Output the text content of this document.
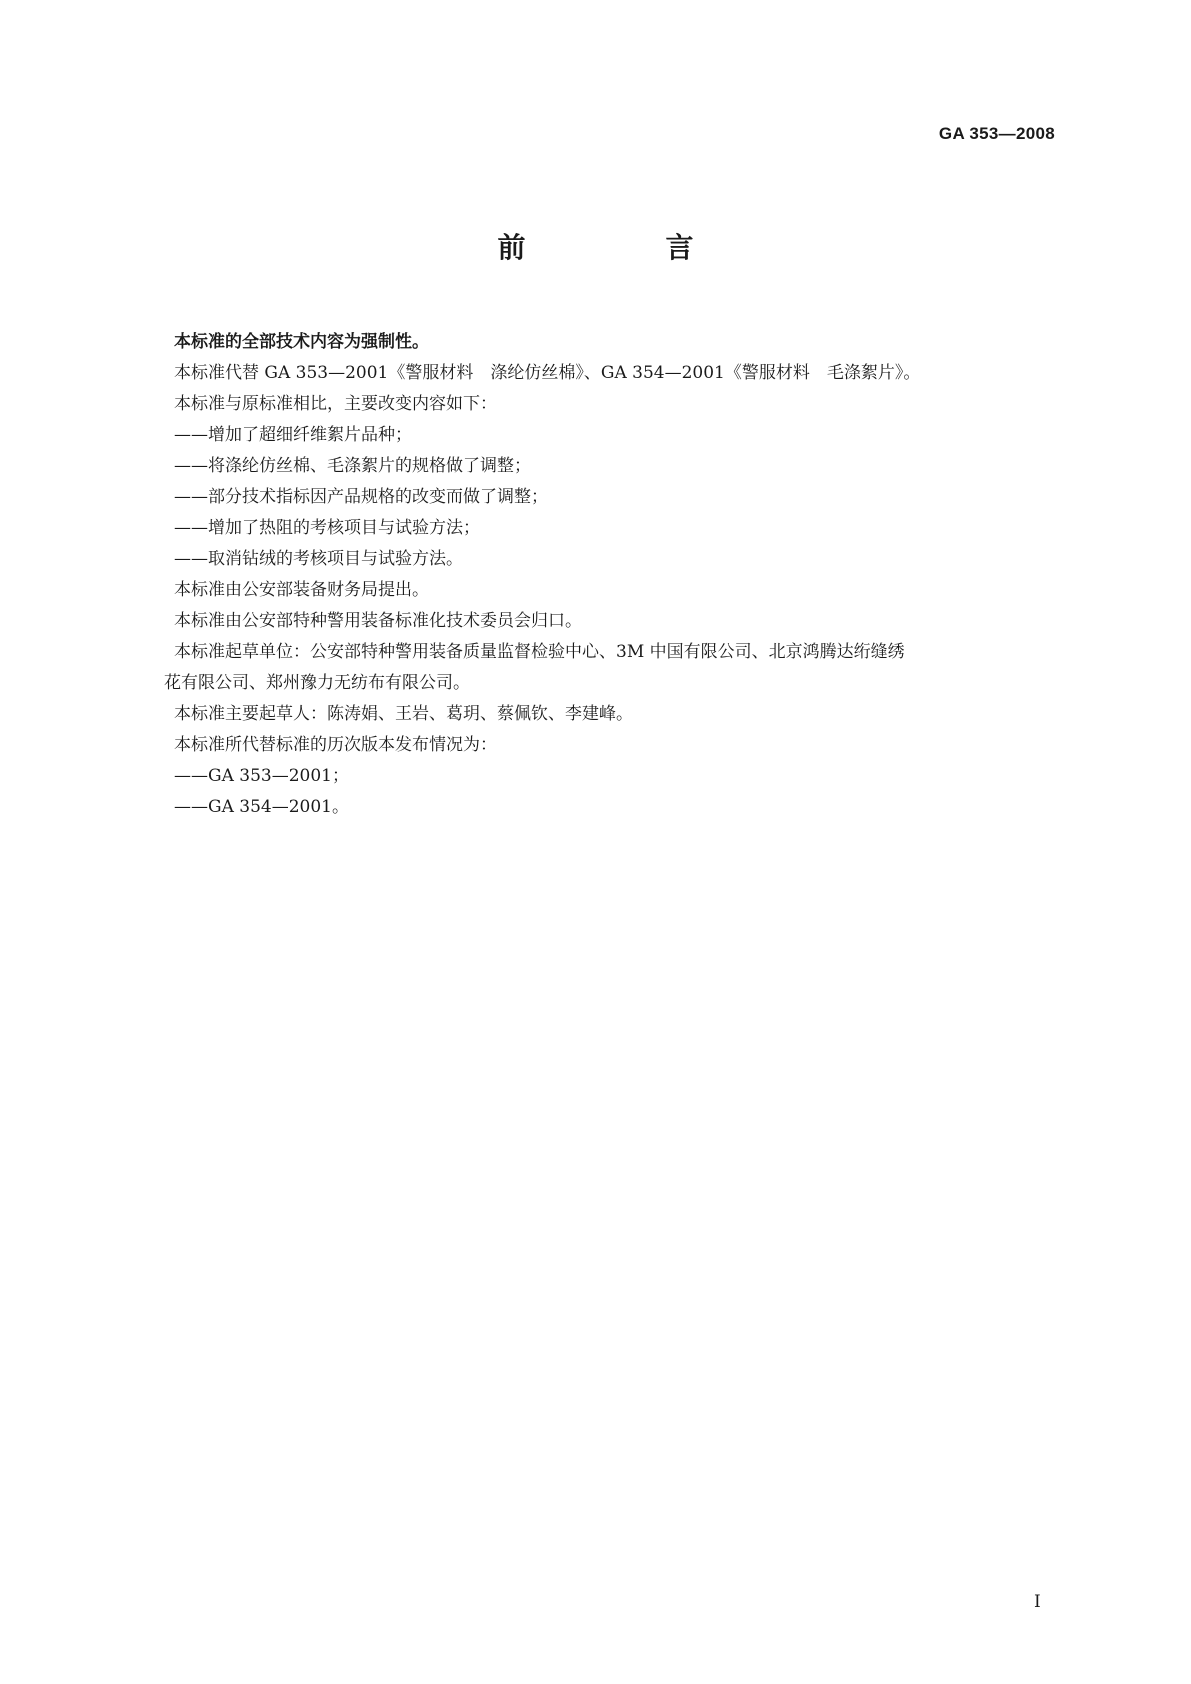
GA 353—2008
前　言

本标准的全部技术内容为强制性。

本标准代替 GA 353—2001《警服材料　涤纶仿丝棉》、GA 354—2001《警服材料　毛涤絮片》。

本标准与原标准相比，主要改变内容如下：

——增加了超细纤维絮片品种；

——将涤纶仿丝棉、毛涤絮片的规格做了调整；

——部分技术指标因产品规格的改变而做了调整；

——增加了热阻的考核项目与试验方法；

——取消钻绒的考核项目与试验方法。

本标准由公安部装备财务局提出。

本标准由公安部特种警用装备标准化技术委员会归口。

本标准起草单位：公安部特种警用装备质量监督检验中心、3M 中国有限公司、北京鸿腾达绗缝绣

花有限公司、郑州豫力无纺布有限公司。

本标准主要起草人：陈涛娟、王岩、葛玥、蔡佩钦、李建峰。

本标准所代替标准的历次版本发布情况为：

——GA 353—2001；

——GA 354—2001。

I
